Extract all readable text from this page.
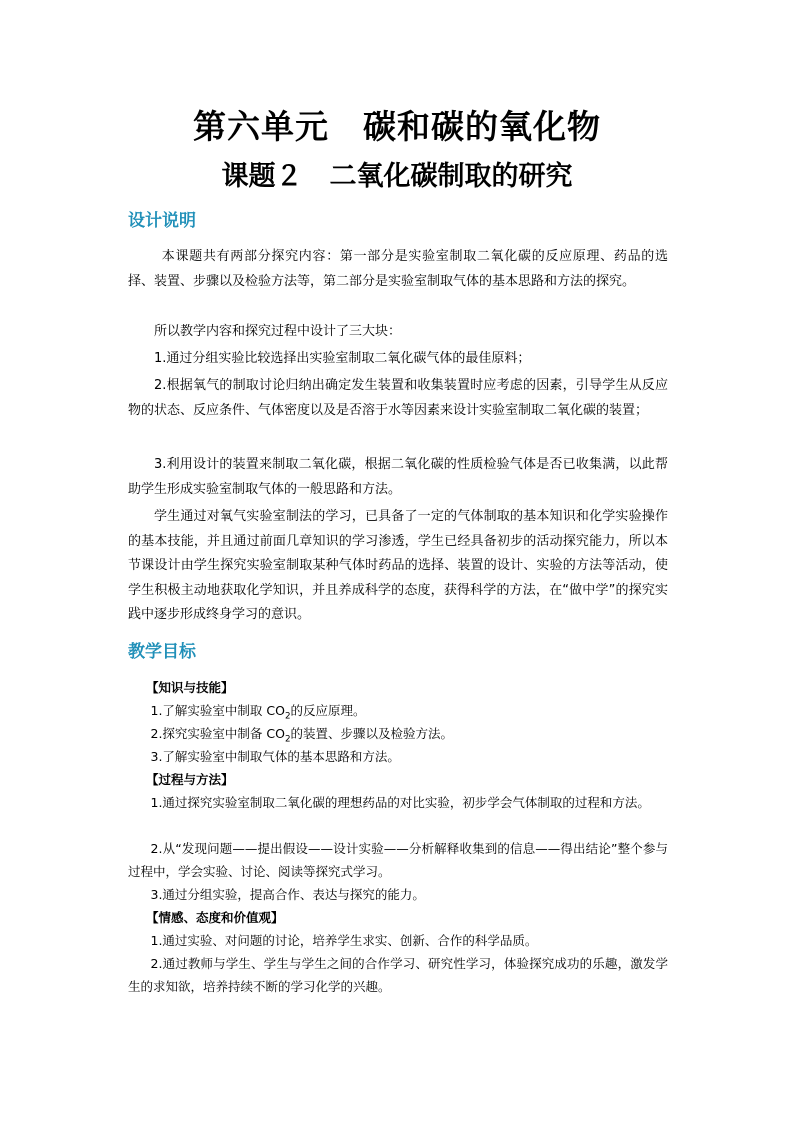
第六单元　碳和碳的氧化物
课题２　二氧化碳制取的研究
设计说明

本课题共有两部分探究内容：第一部分是实验室制取二氧化碳的反应原理、药品的选择、装置、步骤以及检验方法等，第二部分是实验室制取气体的基本思路和方法的探究。

所以教学内容和探究过程中设计了三大块：

1.通过分组实验比较选择出实验室制取二氧化碳气体的最佳原料；

2.根据氧气的制取讨论归纳出确定发生装置和收集装置时应考虑的因素，引导学生从反应物的状态、反应条件、气体密度以及是否溶于水等因素来设计实验室制取二氧化碳的装置；

3.利用设计的装置来制取二氧化碳，根据二氧化碳的性质检验气体是否已收集满，以此帮助学生形成实验室制取气体的一般思路和方法。

学生通过对氧气实验室制法的学习，已具备了一定的气体制取的基本知识和化学实验操作的基本技能，并且通过前面几章知识的学习渗透，学生已经具备初步的活动探究能力，所以本节课设计由学生探究实验室制取某种气体时药品的选择、装置的设计、实验的方法等活动，使学生积极主动地获取化学知识，并且养成科学的态度，获得科学的方法，在“做中学”的探究实践中逐步形成终身学习的意识。

教学目标

【知识与技能】

1.了解实验室中制取 $CO_2$的反应原理。

2.探究实验室中制备 $CO_2$的装置、步骤以及检验方法。

3.了解实验室中制取气体的基本思路和方法。

【过程与方法】

1.通过探究实验室制取二氧化碳的理想药品的对比实验，初步学会气体制取的过程和方法。

2.从“发现问题——提出假设——设计实验——分析解释收集到的信息——得出结论”整个参与过程中，学会实验、讨论、阅读等探究式学习。

3.通过分组实验，提高合作、表达与探究的能力。

【情感、态度和价值观】

1.通过实验、对问题的讨论，培养学生求实、创新、合作的科学品质。

2.通过教师与学生、学生与学生之间的合作学习、研究性学习，体验探究成功的乐趣，激发学生的求知欲，培养持续不断的学习化学的兴趣。
